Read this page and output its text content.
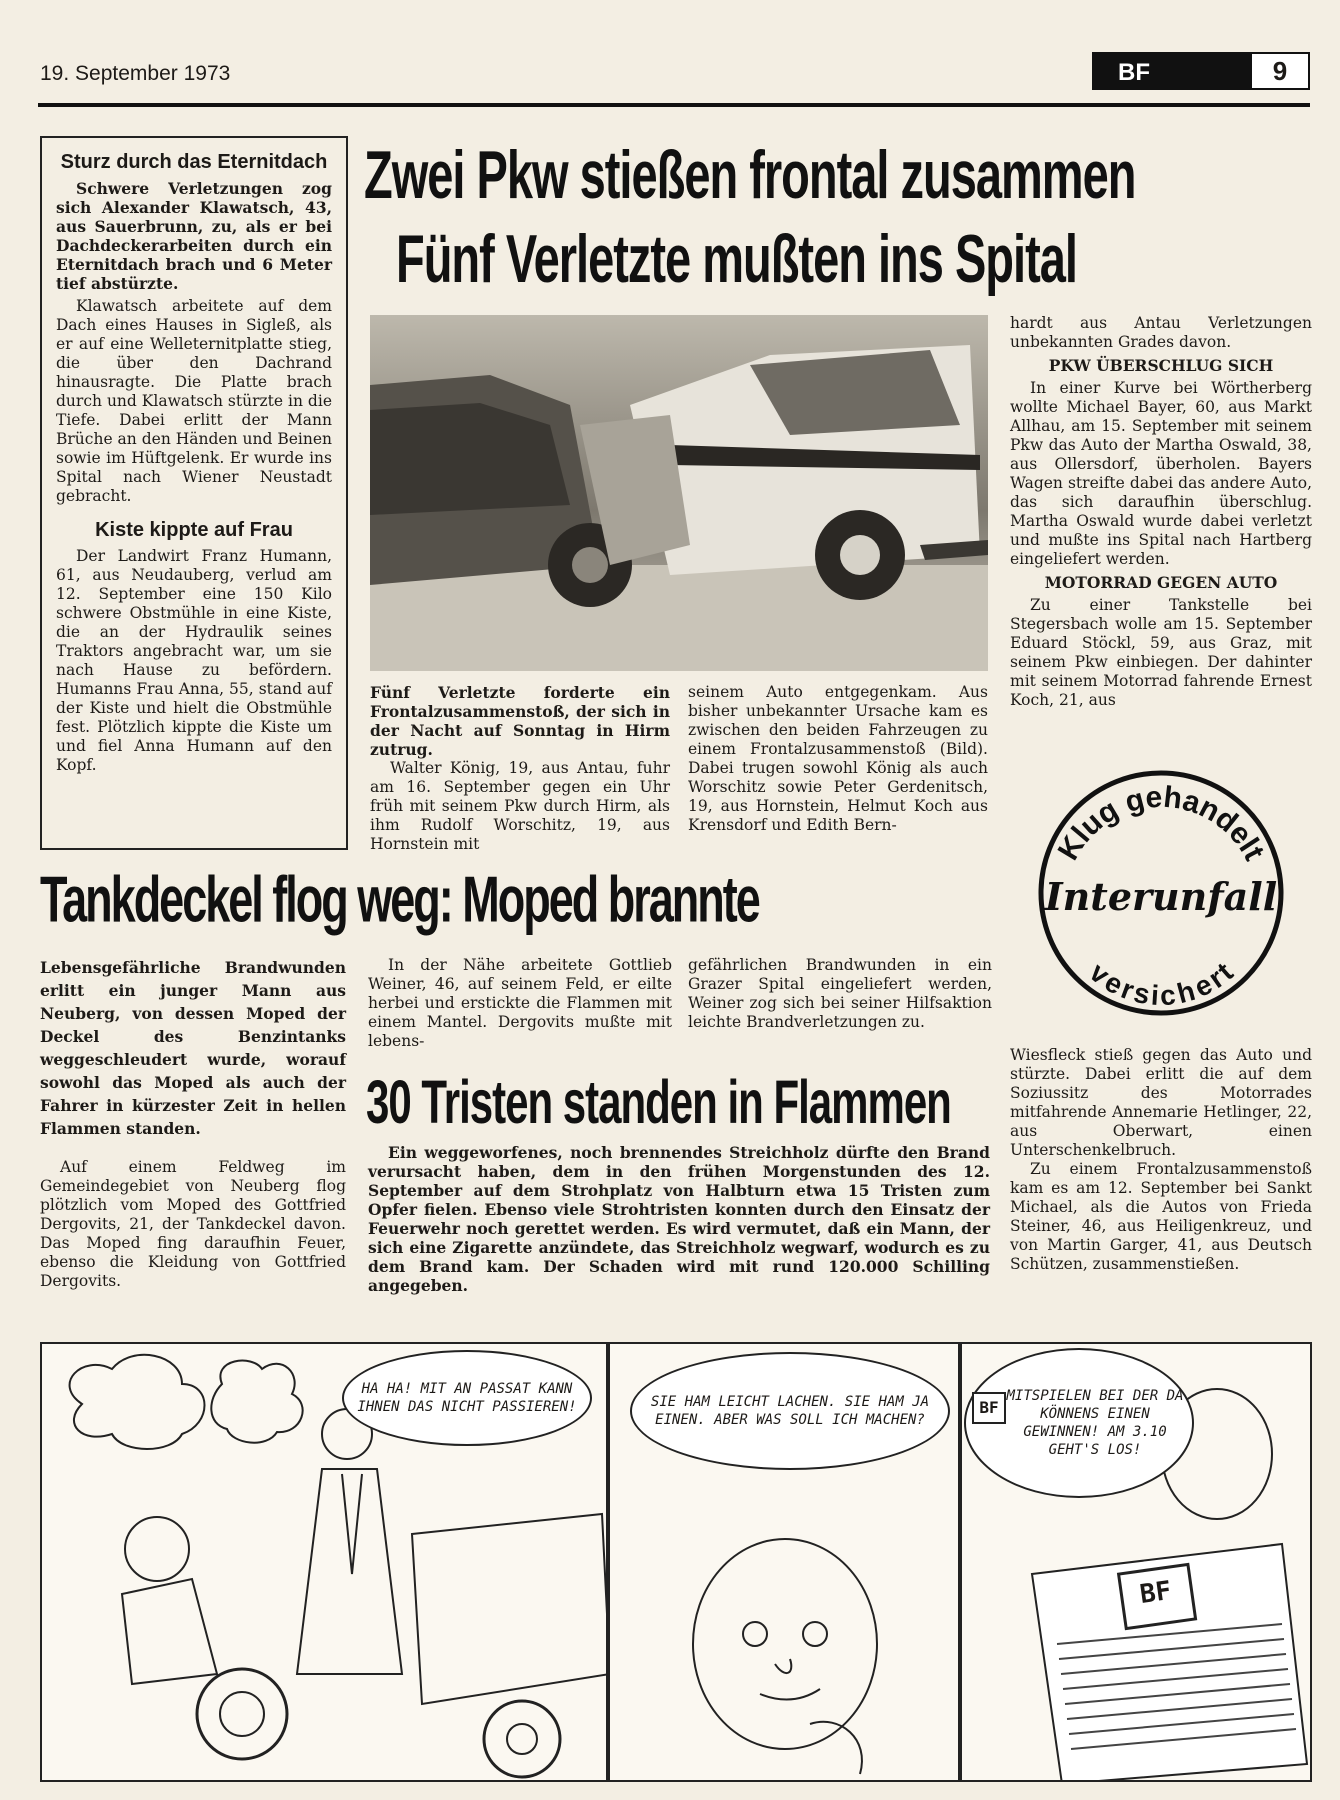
19. September 1973	BF	9
Sturz durch das Eternitdach
Schwere Verletzungen zog sich Alexander Klawatsch, 43, aus Sauerbrunn, zu, als er bei Dachdeckerarbeiten durch ein Eternitdach brach und 6 Meter tief abstürzte.
Klawatsch arbeitete auf dem Dach eines Hauses in Sigleß, als er auf eine Welleternitplatte stieg, die über den Dachrand hinausragte. Die Platte brach durch und Klawatsch stürzte in die Tiefe. Dabei erlitt der Mann Brüche an den Händen und Beinen sowie im Hüftgelenk. Er wurde ins Spital nach Wiener Neustadt gebracht.
Kiste kippte auf Frau
Der Landwirt Franz Humann, 61, aus Neudauberg, verlud am 12. September eine 150 Kilo schwere Obstmühle in eine Kiste, die an der Hydraulik seines Traktors angebracht war, um sie nach Hause zu befördern. Humanns Frau Anna, 55, stand auf der Kiste und hielt die Obstmühle fest. Plötzlich kippte die Kiste um und fiel Anna Humann auf den Kopf.
Zwei Pkw stießen frontal zusammen
Fünf Verletzte mußten ins Spital
Fünf Verletzte forderte ein Frontalzusammenstoß, der sich in der Nacht auf Sonntag in Hirm zutrug.
Walter König, 19, aus Antau, fuhr am 16. September gegen ein Uhr früh mit seinem Pkw durch Hirm, als ihm Rudolf Worschitz, 19, aus Hornstein mit
seinem Auto entgegenkam. Aus bisher unbekannter Ursache kam es zwischen den beiden Fahrzeugen zu einem Frontalzusammenstoß (Bild). Dabei trugen sowohl König als auch Worschitz sowie Peter Gerdenitsch, 19, aus Hornstein, Helmut Koch aus Krensdorf und Edith Bern-
hardt aus Antau Verletzungen unbekannten Grades davon.
PKW ÜBERSCHLUG SICH
In einer Kurve bei Wörtherberg wollte Michael Bayer, 60, aus Markt Allhau, am 15. September mit seinem Pkw das Auto der Martha Oswald, 38, aus Ollersdorf, überholen. Bayers Wagen streifte dabei das andere Auto, das sich daraufhin überschlug. Martha Oswald wurde dabei verletzt und mußte ins Spital nach Hartberg eingeliefert werden.
MOTORRAD GEGEN AUTO
Zu einer Tankstelle bei Stegersbach wolle am 15. September Eduard Stöckl, 59, aus Graz, mit seinem Pkw einbiegen. Der dahinter mit seinem Motorrad fahrende Ernest Koch, 21, aus
Klug gehandelt
Interunfall
versichert
Tankdeckel flog weg: Moped brannte
Lebensgefährliche Brandwunden erlitt ein junger Mann aus Neuberg, von dessen Moped der Deckel des Benzintanks weggeschleudert wurde, worauf sowohl das Moped als auch der Fahrer in kürzester Zeit in hellen Flammen standen.
Auf einem Feldweg im Gemeindegebiet von Neuberg flog plötzlich vom Moped des Gottfried Dergovits, 21, der Tankdeckel davon. Das Moped fing daraufhin Feuer, ebenso die Kleidung von Gottfried Dergovits.
In der Nähe arbeitete Gottlieb Weiner, 46, auf seinem Feld, er eilte herbei und erstickte die Flammen mit einem Mantel. Dergovits mußte mit lebens-
gefährlichen Brandwunden in ein Grazer Spital eingeliefert werden, Weiner zog sich bei seiner Hilfsaktion leichte Brandverletzungen zu.
30 Tristen standen in Flammen
Ein weggeworfenes, noch brennendes Streichholz dürfte den Brand verursacht haben, dem in den frühen Morgenstunden des 12. September auf dem Strohplatz von Halbturn etwa 15 Tristen zum Opfer fielen. Ebenso viele Strohtristen konnten durch den Einsatz der Feuerwehr noch gerettet werden. Es wird vermutet, daß ein Mann, der sich eine Zigarette anzündete, das Streichholz wegwarf, wodurch es zu dem Brand kam. Der Schaden wird mit rund 120.000 Schilling angegeben.
Wiesfleck stieß gegen das Auto und stürzte. Dabei erlitt die auf dem Soziussitz des Motorrades mitfahrende Annemarie Hetlinger, 22, aus Oberwart, einen Unterschenkelbruch.
Zu einem Frontalzusammenstoß kam es am 12. September bei Sankt Michael, als die Autos von Frieda Steiner, 46, aus Heiligenkreuz, und von Martin Garger, 41, aus Deutsch Schützen, zusammenstießen.
HA HA! MIT AN PASSAT KANN IHNEN DAS NICHT PASSIEREN!	SIE HAM LEICHT LACHEN. SIE HAM JA EINEN. ABER WAS SOLL ICH MACHEN?
BF
MITSPIELEN BEI DER DA KÖNNENS EINEN GEWINNEN! AM 3.10 GEHT'S LOS!
BF
